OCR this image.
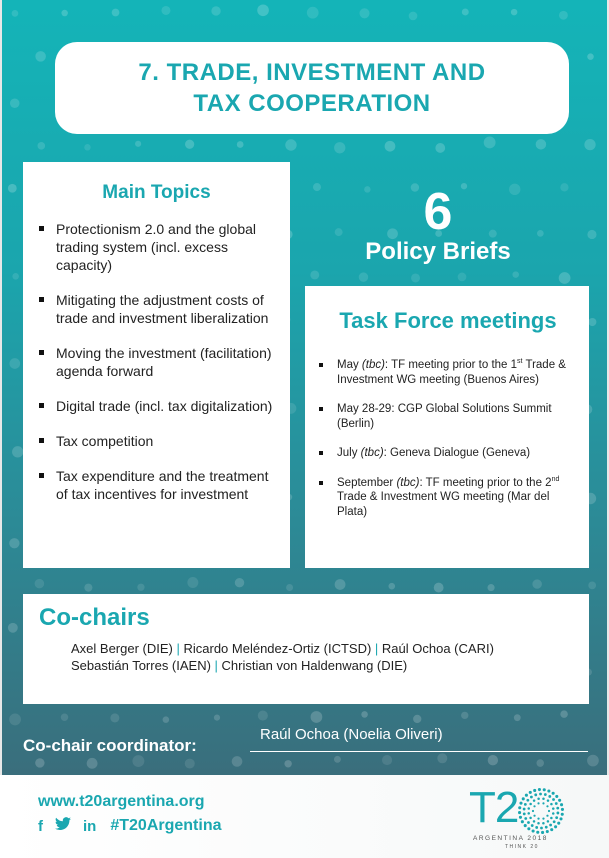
7. TRADE, INVESTMENT AND
TAX COOPERATION
Main Topics
Protectionism 2.0 and the global trading system (incl. excess capacity)
Mitigating the adjustment costs of trade and investment liberalization
Moving the investment (facilitation) agenda forward
Digital trade (incl. tax digitalization)
Tax competition
Tax expenditure and the treatment of tax incentives for investment
6
Policy Briefs
Task Force meetings
May (tbc): TF meeting prior to the 1st Trade & Investment WG meeting (Buenos Aires)
May 28-29: CGP Global Solutions Summit (Berlin)
July (tbc): Geneva Dialogue (Geneva)
September (tbc): TF meeting prior to the 2nd Trade & Investment WG meeting (Mar del Plata)
Co-chairs
Axel Berger (DIE) | Ricardo Meléndez-Ortiz (ICTSD) | Raúl Ochoa (CARI)
Sebastián Torres (IAEN) | Christian von Haldenwang (DIE)
Co-chair coordinator:
Raúl Ochoa (Noelia Oliveri)
www.t20argentina.org
f	in #T20Argentina	T2
ARGENTINA 2018
THINK 20
